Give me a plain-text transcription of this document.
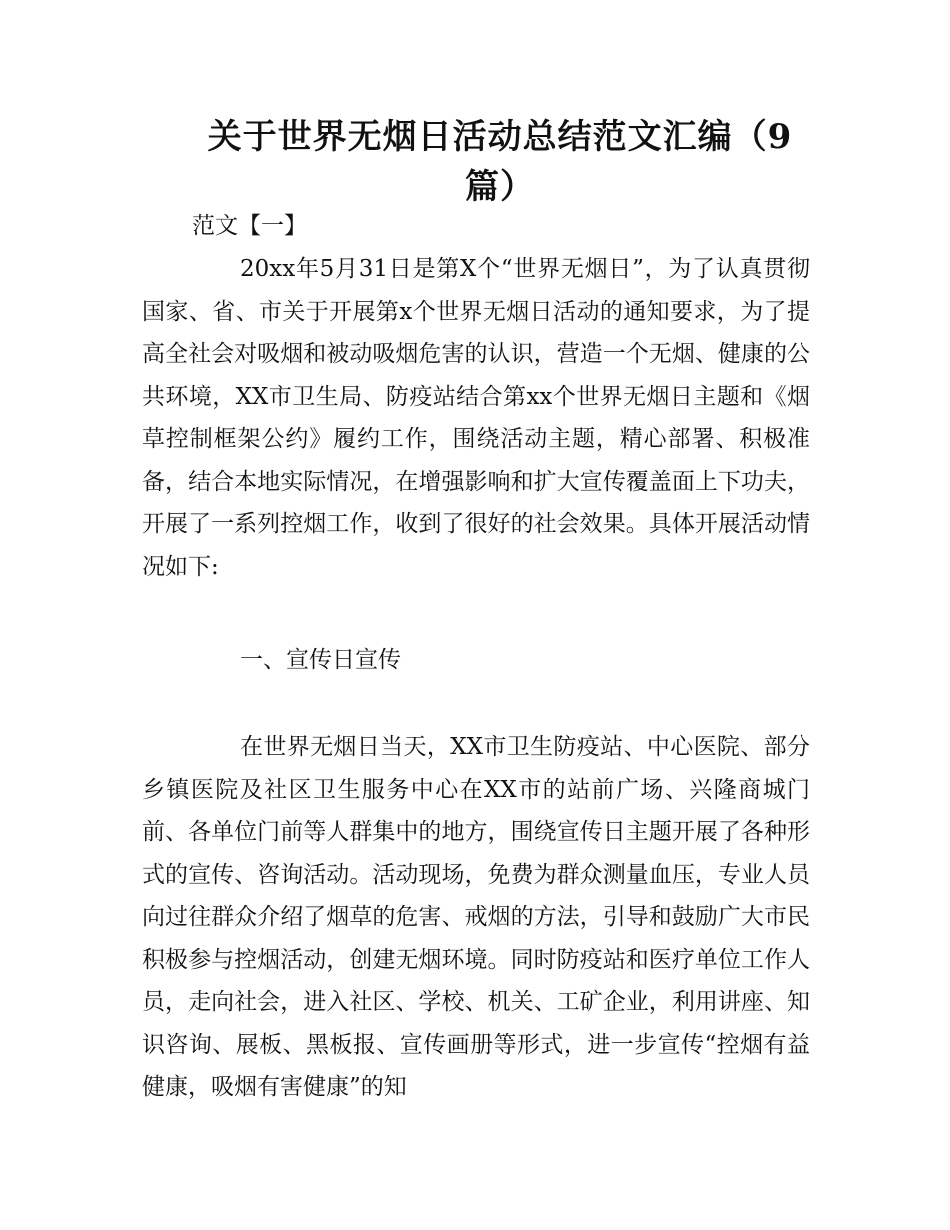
关于世界无烟日活动总结范文汇编（9篇）

范文【一】

20xx年5月31日是第X个“世界无烟日”，为了认真贯彻国家、省、市关于开展第x个世界无烟日活动的通知要求，为了提高全社会对吸烟和被动吸烟危害的认识，营造一个无烟、健康的公共环境，XX市卫生局、防疫站结合第xx个世界无烟日主题和《烟草控制框架公约》履约工作，围绕活动主题，精心部署、积极准备，结合本地实际情况，在增强影响和扩大宣传覆盖面上下功夫，开展了一系列控烟工作，收到了很好的社会效果。具体开展活动情况如下:

一、宣传日宣传

在世界无烟日当天，XX市卫生防疫站、中心医院、部分乡镇医院及社区卫生服务中心在XX市的站前广场、兴隆商城门前、各单位门前等人群集中的地方，围绕宣传日主题开展了各种形式的宣传、咨询活动。活动现场，免费为群众测量血压，专业人员向过往群众介绍了烟草的危害、戒烟的方法，引导和鼓励广大市民积极参与控烟活动，创建无烟环境。同时防疫站和医疗单位工作人员，走向社会，进入社区、学校、机关、工矿企业，利用讲座、知识咨询、展板、黑板报、宣传画册等形式，进一步宣传“控烟有益健康，吸烟有害健康”的知
